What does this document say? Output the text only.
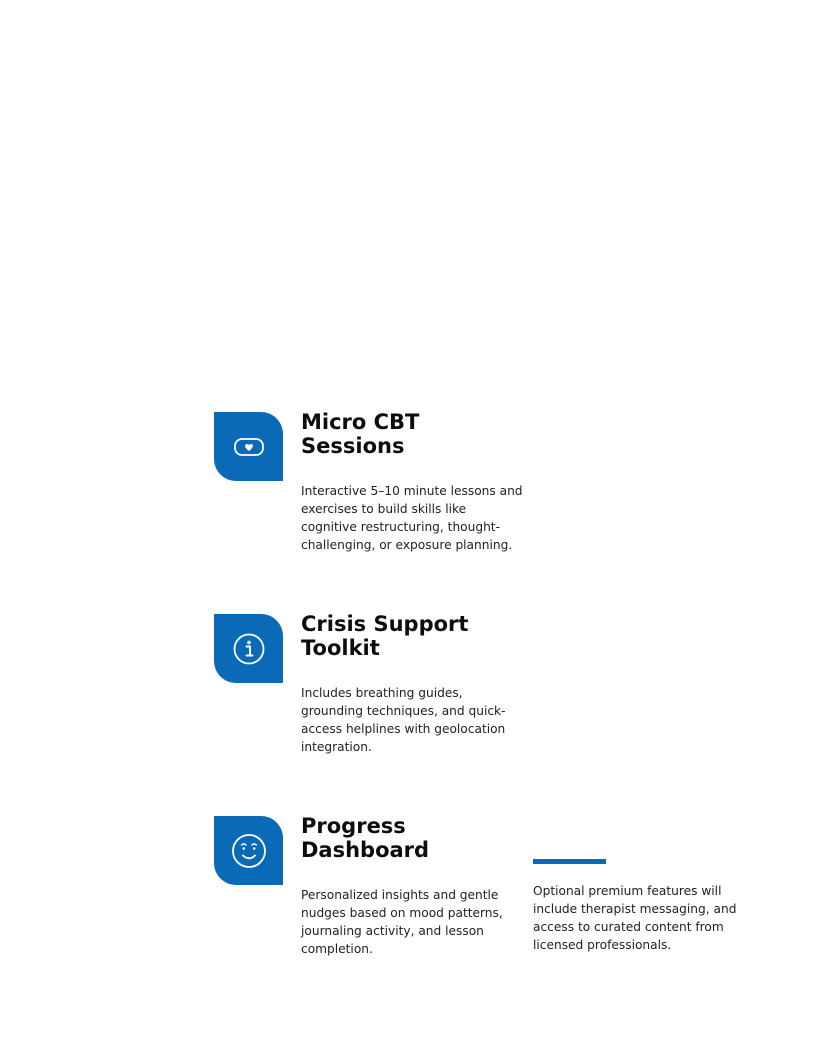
Micro CBT Sessions

Interactive 5–10 minute lessons and exercises to build skills like cognitive restructuring, thought-challenging, or exposure planning.

Crisis Support Toolkit

Includes breathing guides, grounding techniques, and quick-access helplines with geolocation integration.

Progress Dashboard

Personalized insights and gentle nudges based on mood patterns, journaling activity, and lesson completion.

Optional premium features will include therapist messaging, and access to curated content from licensed professionals.
